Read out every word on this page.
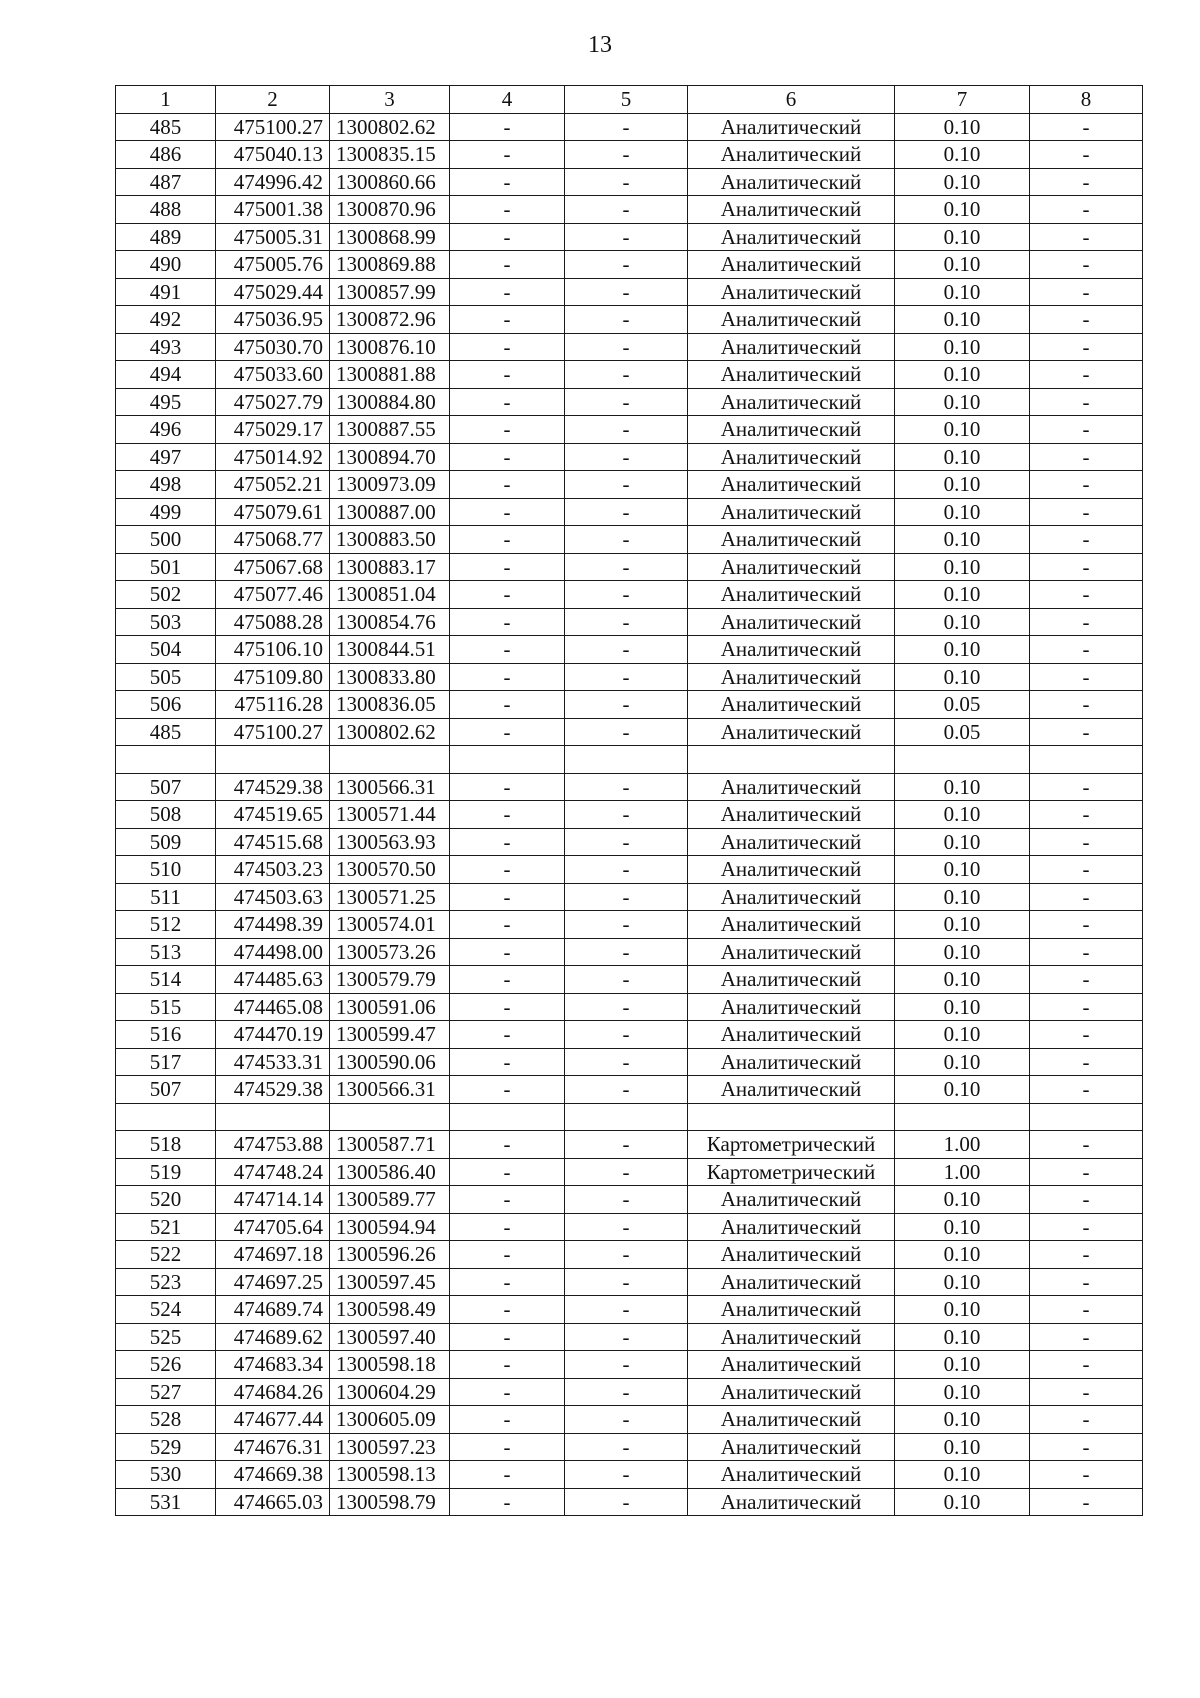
13
1	2	3	4	5	6	7	8
485	475100.27	1300802.62	-	-	Аналитический	0.10	-
486	475040.13	1300835.15	-	-	Аналитический	0.10	-
487	474996.42	1300860.66	-	-	Аналитический	0.10	-
488	475001.38	1300870.96	-	-	Аналитический	0.10	-
489	475005.31	1300868.99	-	-	Аналитический	0.10	-
490	475005.76	1300869.88	-	-	Аналитический	0.10	-
491	475029.44	1300857.99	-	-	Аналитический	0.10	-
492	475036.95	1300872.96	-	-	Аналитический	0.10	-
493	475030.70	1300876.10	-	-	Аналитический	0.10	-
494	475033.60	1300881.88	-	-	Аналитический	0.10	-
495	475027.79	1300884.80	-	-	Аналитический	0.10	-
496	475029.17	1300887.55	-	-	Аналитический	0.10	-
497	475014.92	1300894.70	-	-	Аналитический	0.10	-
498	475052.21	1300973.09	-	-	Аналитический	0.10	-
499	475079.61	1300887.00	-	-	Аналитический	0.10	-
500	475068.77	1300883.50	-	-	Аналитический	0.10	-
501	475067.68	1300883.17	-	-	Аналитический	0.10	-
502	475077.46	1300851.04	-	-	Аналитический	0.10	-
503	475088.28	1300854.76	-	-	Аналитический	0.10	-
504	475106.10	1300844.51	-	-	Аналитический	0.10	-
505	475109.80	1300833.80	-	-	Аналитический	0.10	-
506	475116.28	1300836.05	-	-	Аналитический	0.05	-
485	475100.27	1300802.62	-	-	Аналитический	0.05	-

507	474529.38	1300566.31	-	-	Аналитический	0.10	-
508	474519.65	1300571.44	-	-	Аналитический	0.10	-
509	474515.68	1300563.93	-	-	Аналитический	0.10	-
510	474503.23	1300570.50	-	-	Аналитический	0.10	-
511	474503.63	1300571.25	-	-	Аналитический	0.10	-
512	474498.39	1300574.01	-	-	Аналитический	0.10	-
513	474498.00	1300573.26	-	-	Аналитический	0.10	-
514	474485.63	1300579.79	-	-	Аналитический	0.10	-
515	474465.08	1300591.06	-	-	Аналитический	0.10	-
516	474470.19	1300599.47	-	-	Аналитический	0.10	-
517	474533.31	1300590.06	-	-	Аналитический	0.10	-
507	474529.38	1300566.31	-	-	Аналитический	0.10	-

518	474753.88	1300587.71	-	-	Картометрический	1.00	-
519	474748.24	1300586.40	-	-	Картометрический	1.00	-
520	474714.14	1300589.77	-	-	Аналитический	0.10	-
521	474705.64	1300594.94	-	-	Аналитический	0.10	-
522	474697.18	1300596.26	-	-	Аналитический	0.10	-
523	474697.25	1300597.45	-	-	Аналитический	0.10	-
524	474689.74	1300598.49	-	-	Аналитический	0.10	-
525	474689.62	1300597.40	-	-	Аналитический	0.10	-
526	474683.34	1300598.18	-	-	Аналитический	0.10	-
527	474684.26	1300604.29	-	-	Аналитический	0.10	-
528	474677.44	1300605.09	-	-	Аналитический	0.10	-
529	474676.31	1300597.23	-	-	Аналитический	0.10	-
530	474669.38	1300598.13	-	-	Аналитический	0.10	-
531	474665.03	1300598.79	-	-	Аналитический	0.10	-
